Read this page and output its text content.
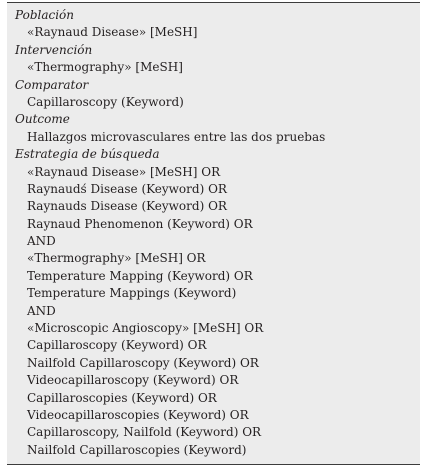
Población
«Raynaud Disease» [MeSH]
Intervención
«Thermography» [MeSH]
Comparator
Capillaroscopy (Keyword)
Outcome
Hallazgos microvasculares entre las dos pruebas
Estrategia de búsqueda
«Raynaud Disease» [MeSH] OR
Raynaudś Disease (Keyword) OR
Raynauds Disease (Keyword) OR
Raynaud Phenomenon (Keyword) OR
AND
«Thermography» [MeSH] OR
Temperature Mapping (Keyword) OR
Temperature Mappings (Keyword)
AND
«Microscopic Angioscopy» [MeSH] OR
Capillaroscopy (Keyword) OR
Nailfold Capillaroscopy (Keyword) OR
Videocapillaroscopy (Keyword) OR
Capillaroscopies (Keyword) OR
Videocapillaroscopies (Keyword) OR
Capillaroscopy, Nailfold (Keyword) OR
Nailfold Capillaroscopies (Keyword)
